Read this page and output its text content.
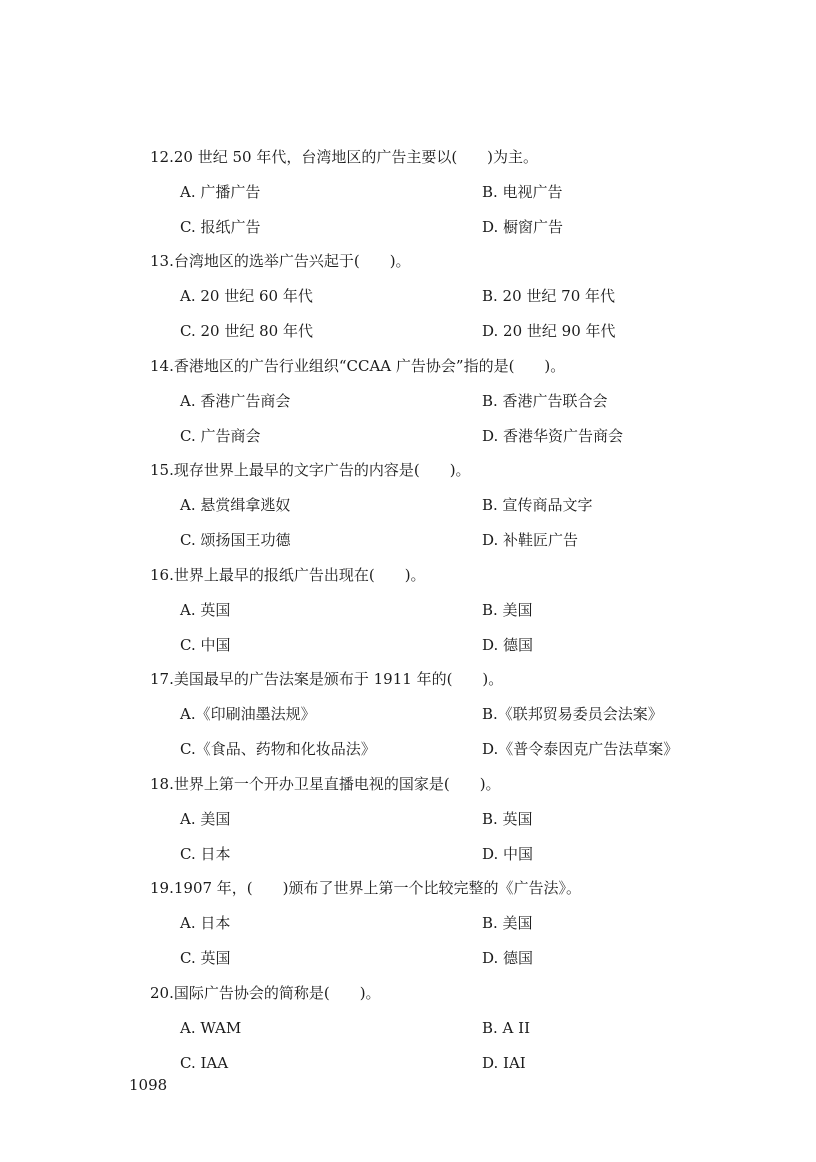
12.20 世纪 50 年代，台湾地区的广告主要以(　　)为主。
A. 广播广告	B. 电视广告
C. 报纸广告	D. 橱窗广告
13.台湾地区的选举广告兴起于(　　)。
A. 20 世纪 60 年代	B. 20 世纪 70 年代
C. 20 世纪 80 年代	D. 20 世纪 90 年代
14.香港地区的广告行业组织“CCAA 广告协会”指的是(　　)。
A. 香港广告商会	B. 香港广告联合会
C. 广告商会	D. 香港华资广告商会
15.现存世界上最早的文字广告的内容是(　　)。
A. 悬赏缉拿逃奴	B. 宣传商品文字
C. 颂扬国王功德	D. 补鞋匠广告
16.世界上最早的报纸广告出现在(　　)。
A. 英国	B. 美国
C. 中国	D. 德国
17.美国最早的广告法案是颁布于 1911 年的(　　)。
A.《印刷油墨法规》	B.《联邦贸易委员会法案》
C.《食品、药物和化妆品法》	D.《普令泰因克广告法草案》
18.世界上第一个开办卫星直播电视的国家是(　　)。
A. 美国	B. 英国
C. 日本	D. 中国
19.1907 年，(　　)颁布了世界上第一个比较完整的《广告法》。
A. 日本	B. 美国
C. 英国	D. 德国
20.国际广告协会的简称是(　　)。
A. WAM	B. A II
C. IAA	D. IAI
1098
